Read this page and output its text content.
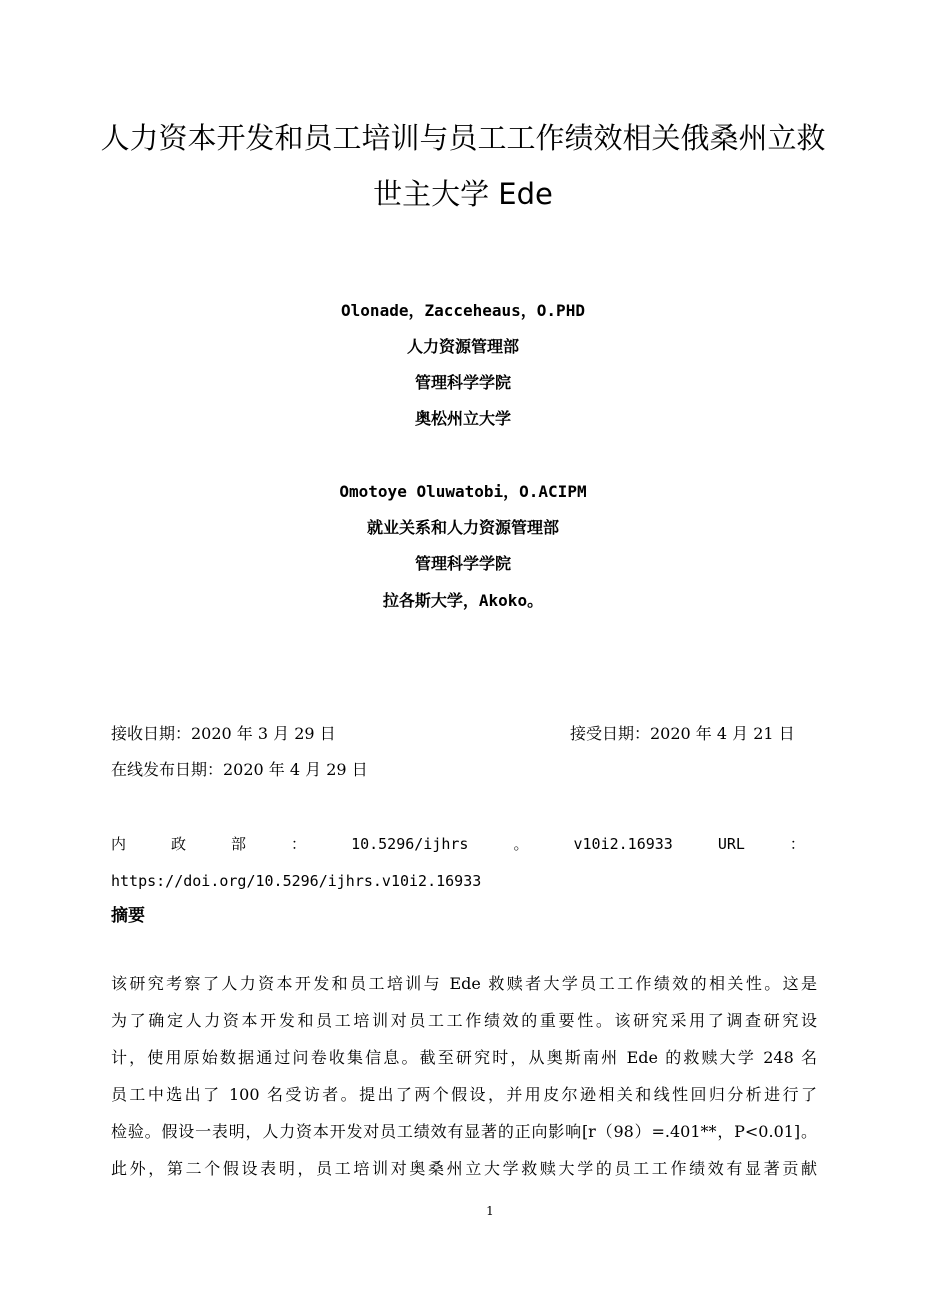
人力资本开发和员工培训与员工工作绩效相关俄桑州立救
世主大学 Ede
Olonade，Zacceheaus，O.PHD
人力资源管理部
管理科学学院
奥松州立大学
Omotoye Oluwatobi，O.ACIPM
就业关系和人力资源管理部
管理科学学院
拉各斯大学，Akoko。
接收日期：2020 年 3 月 29 日	接受日期：2020 年 4 月 21 日
在线发布日期：2020 年 4 月 29 日
内	政	部	：	10.5296/ijhrs	。	v10i2.16933	URL	：
https://doi.org/10.5296/ijhrs.v10i2.16933
摘要
该研究考察了人力资本开发和员工培训与 Ede 救赎者大学员工工作绩效的相关性。这是
为了确定人力资本开发和员工培训对员工工作绩效的重要性。该研究采用了调查研究设
计，使用原始数据通过问卷收集信息。截至研究时，从奥斯南州 Ede 的救赎大学 248 名
员工中选出了 100 名受访者。提出了两个假设，并用皮尔逊相关和线性回归分析进行了
检验。假设一表明，人力资本开发对员工绩效有显著的正向影响[r（98）=.401**，P<0.01]。
此外，第二个假设表明，员工培训对奥桑州立大学救赎大学的员工工作绩效有显著贡献
1
